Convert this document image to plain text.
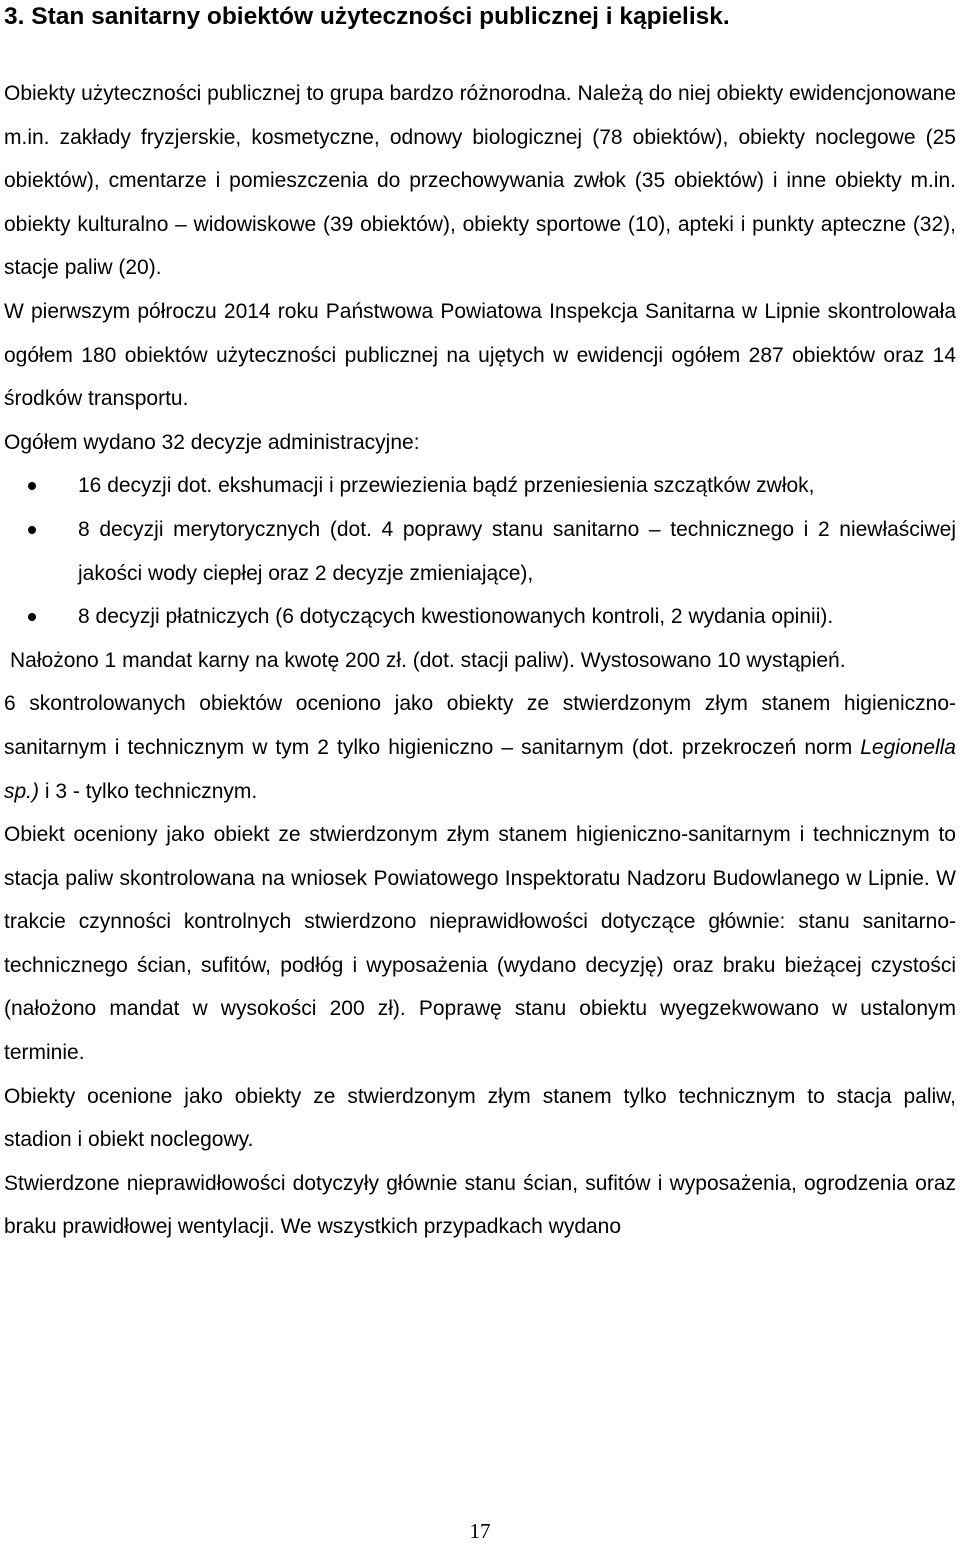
3. Stan sanitarny obiektów użyteczności publicznej i kąpielisk.

Obiekty użyteczności publicznej to grupa bardzo różnorodna. Należą do niej obiekty ewidencjonowane m.in. zakłady fryzjerskie, kosmetyczne, odnowy biologicznej (78 obiektów), obiekty noclegowe (25 obiektów), cmentarze i pomieszczenia do przechowywania zwłok (35 obiektów) i inne obiekty m.in. obiekty kulturalno – widowiskowe (39 obiektów), obiekty sportowe (10), apteki i punkty apteczne (32), stacje paliw (20).

W pierwszym półroczu 2014 roku Państwowa Powiatowa Inspekcja Sanitarna w Lipnie skontrolowała ogółem 180 obiektów użyteczności publicznej na ujętych w ewidencji ogółem 287 obiektów oraz 14 środków transportu.

Ogółem wydano 32 decyzje administracyjne:

16 decyzji dot. ekshumacji i przewiezienia bądź przeniesienia szczątków zwłok,
8 decyzji merytorycznych (dot. 4 poprawy stanu sanitarno – technicznego i 2 niewłaściwej jakości wody ciepłej oraz 2 decyzje zmieniające),
8 decyzji płatniczych (6 dotyczących kwestionowanych kontroli, 2 wydania opinii).

Nałożono 1 mandat karny na kwotę 200 zł. (dot. stacji paliw). Wystosowano 10 wystąpień.

6 skontrolowanych obiektów oceniono jako obiekty ze stwierdzonym złym stanem higieniczno-sanitarnym i technicznym w tym 2 tylko higieniczno – sanitarnym (dot. przekroczeń norm Legionella sp.) i 3 - tylko technicznym.

Obiekt oceniony jako obiekt ze stwierdzonym złym stanem higieniczno-sanitarnym i technicznym to stacja paliw skontrolowana na wniosek Powiatowego Inspektoratu Nadzoru Budowlanego w Lipnie. W trakcie czynności kontrolnych stwierdzono nieprawidłowości dotyczące głównie: stanu sanitarno-technicznego ścian, sufitów, podłóg i wyposażenia (wydano decyzję) oraz braku bieżącej czystości (nałożono mandat w wysokości 200 zł). Poprawę stanu obiektu wyegzekwowano w ustalonym terminie.

Obiekty ocenione jako obiekty ze stwierdzonym złym stanem tylko technicznym to stacja paliw, stadion i obiekt noclegowy.

Stwierdzone nieprawidłowości dotyczyły głównie stanu ścian, sufitów i wyposażenia, ogrodzenia oraz braku prawidłowej wentylacji. We wszystkich przypadkach wydano

17
